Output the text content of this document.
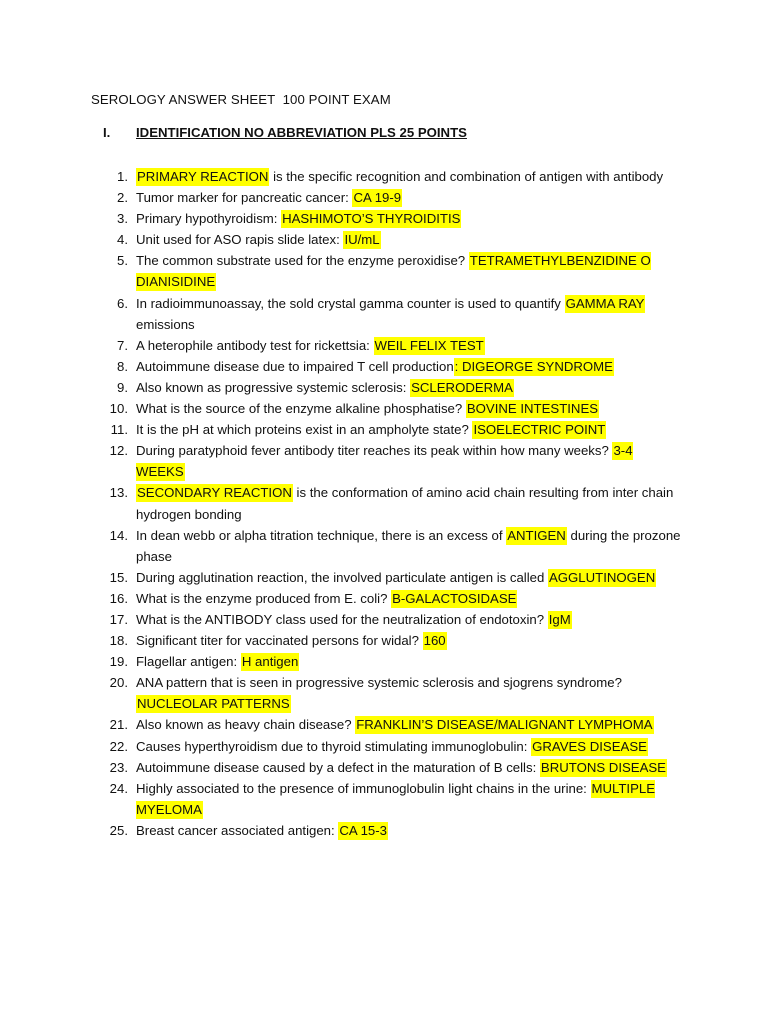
SEROLOGY ANSWER SHEET  100 POINT EXAM
I. IDENTIFICATION NO ABBREVIATION PLS 25 POINTS
1. PRIMARY REACTION is the specific recognition and combination of antigen with antibody
2. Tumor marker for pancreatic cancer: CA 19-9
3. Primary hypothyroidism: HASHIMOTO’S THYROIDITIS
4. Unit used for ASO rapis slide latex: IU/mL
5. The common substrate used for the enzyme peroxidise? TETRAMETHYLBENZIDINE O DIANISIDINE
6. In radioimmunoassay, the sold crystal gamma counter is used to quantify GAMMA RAY emissions
7. A heterophile antibody test for rickettsia: WEIL FELIX TEST
8. Autoimmune disease due to impaired T cell production: DIGEORGE SYNDROME
9. Also known as progressive systemic sclerosis: SCLERODERMA
10. What is the source of the enzyme alkaline phosphatise? BOVINE INTESTINES
11. It is the pH at which proteins exist in an ampholyte state? ISOELECTRIC POINT
12. During paratyphoid fever antibody titer reaches its peak within how many weeks? 3-4 WEEKS
13. SECONDARY REACTION is the conformation of amino acid chain resulting from inter chain hydrogen bonding
14. In dean webb or alpha titration technique, there is an excess of ANTIGEN during the prozone phase
15. During agglutination reaction, the involved particulate antigen is called AGGLUTINOGEN
16. What is the enzyme produced from E. coli? B-GALACTOSIDASE
17. What is the ANTIBODY class used for the neutralization of endotoxin? IgM
18. Significant titer for vaccinated persons for widal? 160
19. Flagellar antigen: H antigen
20. ANA pattern that is seen in progressive systemic sclerosis and sjogrens syndrome? NUCLEOLAR PATTERNS
21. Also known as heavy chain disease? FRANKLIN’S DISEASE/MALIGNANT LYMPHOMA
22. Causes hyperthyroidism due to thyroid stimulating immunoglobulin: GRAVES DISEASE
23. Autoimmune disease caused by a defect in the maturation of B cells: BRUTONS DISEASE
24. Highly associated to the presence of immunoglobulin light chains in the urine: MULTIPLE MYELOMA
25. Breast cancer associated antigen: CA 15-3
